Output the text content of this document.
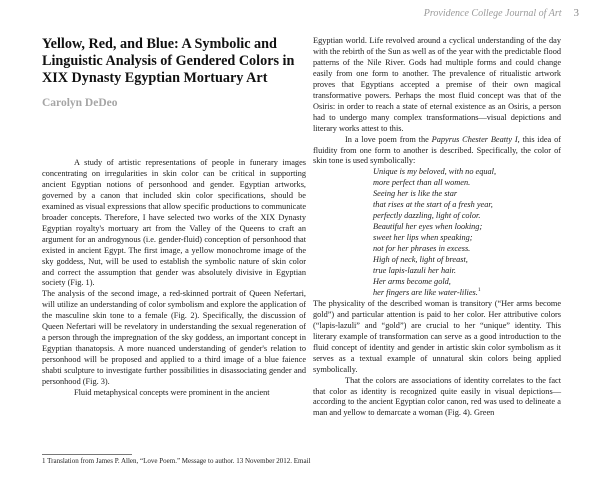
Providence College Journal of Art 3
Yellow, Red, and Blue: A Symbolic and Linguistic Analysis of Gendered Colors in XIX Dynasty Egyptian Mortuary Art
Carolyn DeDeo

A study of artistic representations of people in funerary images concentrating on irregularities in skin color can be critical in supporting ancient Egyptian notions of personhood and gender. Egyptian artworks, governed by a canon that included skin color specifications, should be examined as visual expressions that allow specific productions to communicate broader concepts. Therefore, I have selected two works of the XIX Dynasty Egyptian royalty's mortuary art from the Valley of the Queens to craft an argument for an androgynous (i.e. gender-fluid) conception of personhood that existed in ancient Egypt. The first image, a yellow monochrome image of the sky goddess, Nut, will be used to establish the symbolic nature of skin color and correct the assumption that gender was absolutely divisive in Egyptian society (Fig. 1).

The analysis of the second image, a red-skinned portrait of Queen Nefertari, will utilize an understanding of color symbolism and explore the application of the masculine skin tone to a female (Fig. 2). Specifically, the discussion of Queen Nefertari will be revelatory in understanding the sexual regeneration of a person through the impregnation of the sky goddess, an important concept in Egyptian thanatopsis. A more nuanced understanding of gender's relation to personhood will be proposed and applied to a third image of a blue faience shabti sculpture to investigate further possibilities in disassociating gender and personhood (Fig. 3).

Fluid metaphysical concepts were prominent in the ancient

Egyptian world. Life revolved around a cyclical understanding of the day with the rebirth of the Sun as well as of the year with the predictable flood patterns of the Nile River. Gods had multiple forms and could change easily from one form to another. The prevalence of ritualistic artwork proves that Egyptians accepted a premise of their own magical transformative powers. Perhaps the most fluid concept was that of the Osiris: in order to reach a state of eternal existence as an Osiris, a person had to undergo many complex transformations—visual depictions and literary works attest to this.

In a love poem from the Papyrus Chester Beatty I, this idea of fluidity from one form to another is described. Specifically, the color of skin tone is used symbolically:

Unique is my beloved, with no equal,
more perfect than all women.
Seeing her is like the star
that rises at the start of a fresh year,
perfectly dazzling, light of color.
Beautiful her eyes when looking;
sweet her lips when speaking;
not for her phrases in excess.
High of neck, light of breast,
true lapis-lazuli her hair.
Her arms become gold,
her fingers are like water-lilies.$^1$

The physicality of the described woman is transitory (“Her arms become gold”) and particular attention is paid to her color. Her attributive colors (“lapis-lazuli” and “gold”) are crucial to her “unique” identity. This literary example of transformation can serve as a good introduction to the fluid concept of identity and gender in artistic skin color symbolism as it serves as a textual example of unnatural skin colors being applied symbolically.

That the colors are associations of identity correlates to the fact that color as identity is recognized quite easily in visual depictions—according to the ancient Egyptian color canon, red was used to delineate a man and yellow to demarcate a woman (Fig. 4). Green

1 Translation from James P. Allen, “Love Poem.” Message to author. 13 November 2012. Email
